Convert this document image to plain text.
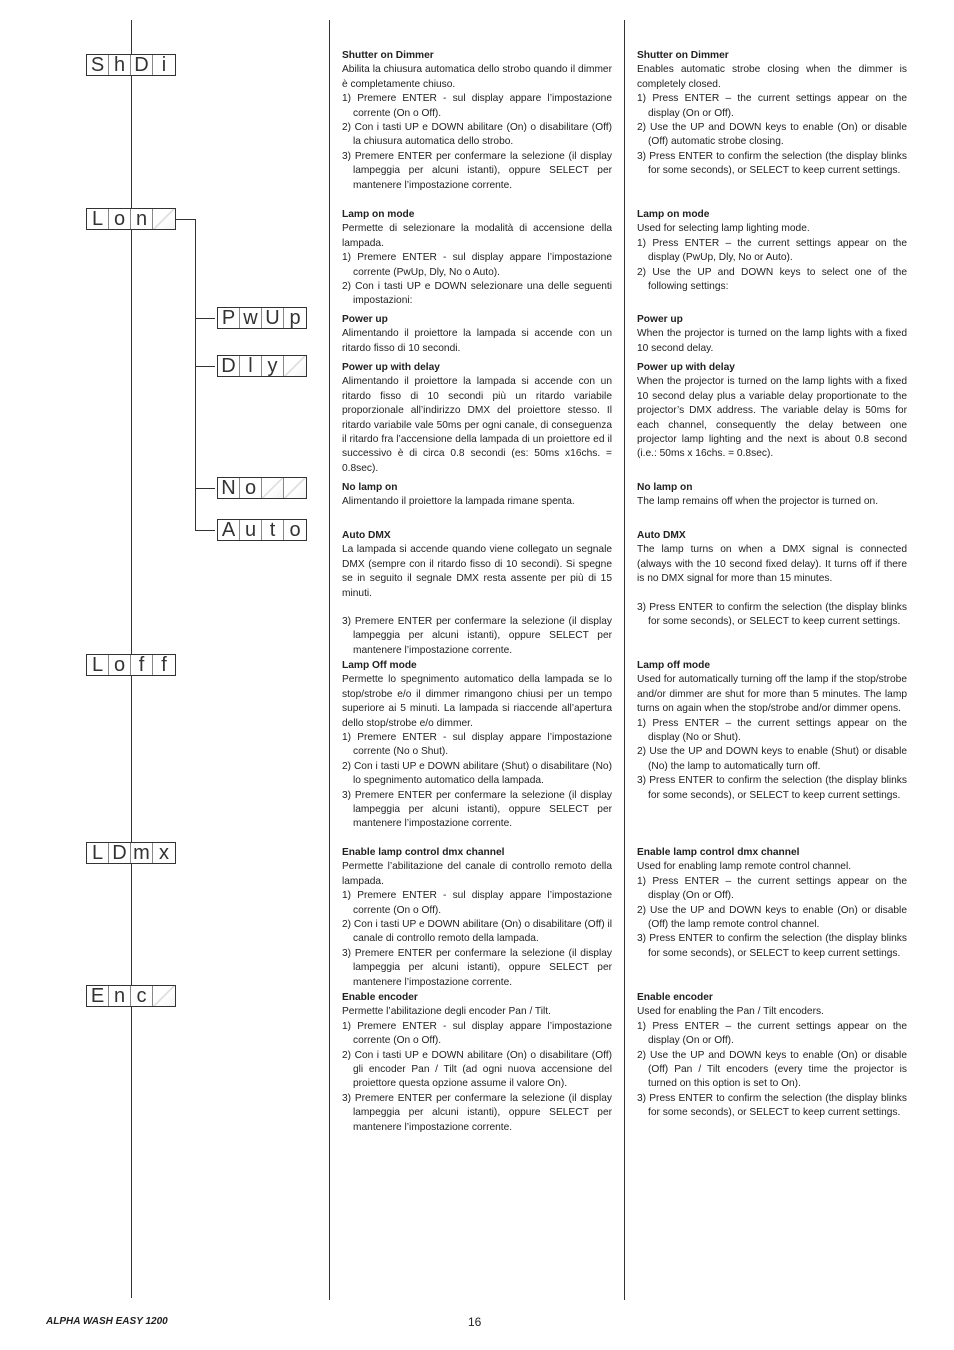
S h D i
L o n
P w U p
D l y
N o
A u t o
L o f f
L D m x
E n c
Shutter on Dimmer

Abilita la chiusura automatica dello strobo quando il dimmer è completamente chiuso.

1) Premere ENTER - sul display appare l’impostazione corrente (On o Off).
2) Con i tasti UP e DOWN abilitare (On) o disabilitare (Off) la chiusura automatica dello strobo.
3) Premere ENTER per confermare la selezione (il display lampeggia per alcuni istanti), oppure SELECT per mantenere l’impostazione corrente.
Lamp on mode

Permette di selezionare la modalità di accensione della lampada.

1) Premere ENTER - sul display appare l’impostazione corrente (PwUp, Dly, No o Auto).
2) Con i tasti UP e DOWN selezionare una delle seguenti impostazioni:
Power up

Alimentando il proiettore la lampada si accende con un ritardo fisso di 10 secondi.

Power up with delay

Alimentando il proiettore la lampada si accende con un ritardo fisso di 10 secondi più un ritardo variabile proporzionale all’indirizzo DMX del proiettore stesso. Il ritardo variabile vale 50ms per ogni canale, di conseguenza il ritardo fra l’accensione della lampada di un proiettore ed il successivo è di circa 0.8 secondi (es: 50ms x16chs. = 0.8sec).

No lamp on

Alimentando il proiettore la lampada rimane spenta.

Auto DMX

La lampada si accende quando viene collegato un segnale DMX (sempre con il ritardo fisso di 10 secondi). Si spegne se in seguito il segnale DMX resta assente per più di 15 minuti.

3) Premere ENTER per confermare la selezione (il display lampeggia per alcuni istanti), oppure SELECT per mantenere l’impostazione corrente.
Lamp Off mode

Permette lo spegnimento automatico della lampada se lo stop/strobe e/o il dimmer rimangono chiusi per un tempo superiore ai 5 minuti. La lampada si riaccende all’apertura dello stop/strobe e/o dimmer.

1) Premere ENTER - sul display appare l’impostazione corrente (No o Shut).
2) Con i tasti UP e DOWN abilitare (Shut) o disabilitare (No) lo spegnimento automatico della lampada.
3) Premere ENTER per confermare la selezione (il display lampeggia per alcuni istanti), oppure SELECT per mantenere l’impostazione corrente.
Enable lamp control dmx channel

Permette l’abilitazione del canale di controllo remoto della lampada.

1) Premere ENTER - sul display appare l’impostazione corrente (On o Off).
2) Con i tasti UP e DOWN abilitare (On) o disabilitare (Off) il canale di controllo remoto della lampada.
3) Premere ENTER per confermare la selezione (il display lampeggia per alcuni istanti), oppure SELECT per mantenere l’impostazione corrente.
Enable encoder

Permette l’abilitazione degli encoder Pan / Tilt.

1) Premere ENTER - sul display appare l’impostazione corrente (On o Off).
2) Con i tasti UP e DOWN abilitare (On) o disabilitare (Off) gli encoder Pan / Tilt (ad ogni nuova accensione del proiettore questa opzione assume il valore On).
3) Premere ENTER per confermare la selezione (il display lampeggia per alcuni istanti), oppure SELECT per mantenere l’impostazione corrente.
Shutter on Dimmer

Enables automatic strobe closing when the dimmer is completely closed.

1) Press ENTER – the current settings appear on the display (On or Off).
2) Use the UP and DOWN keys to enable (On) or disable (Off) automatic strobe closing.
3) Press ENTER to confirm the selection (the display blinks for some seconds), or SELECT to keep current settings.
Lamp on mode

Used for selecting lamp lighting mode.

1) Press ENTER – the current settings appear on the display (PwUp, Dly, No or Auto).
2) Use the UP and DOWN keys to select one of the following settings:
Power up

When the projector is turned on the lamp lights with a fixed 10 second delay.

Power up with delay

When the projector is turned on the lamp lights with a fixed 10 second delay plus a variable delay proportionate to the projector’s DMX address. The variable delay is 50ms for each channel, consequently the delay between one projector lamp lighting and the next is about 0.8 second (i.e.: 50ms x 16chs. = 0.8sec).

No lamp on

The lamp remains off when the projector is turned on.

Auto DMX

The lamp turns on when a DMX signal is connected (always with the 10 second fixed delay). It turns off if there is no DMX signal for more than 15 minutes.

3) Press ENTER to confirm the selection (the display blinks for some seconds), or SELECT to keep current settings.
Lamp off mode

Used for automatically turning off the lamp if the stop/strobe and/or dimmer are shut for more than 5 minutes. The lamp turns on again when the stop/strobe and/or dimmer opens.

1) Press ENTER – the current settings appear on the display (No or Shut).
2) Use the UP and DOWN keys to enable (Shut) or disable (No) the lamp to automatically turn off.
3) Press ENTER to confirm the selection (the display blinks for some seconds), or SELECT to keep current settings.
Enable lamp control dmx channel

Used for enabling lamp remote control channel.

1) Press ENTER – the current settings appear on the display (On or Off).
2) Use the UP and DOWN keys to enable (On) or disable (Off) the lamp remote control channel.
3) Press ENTER to confirm the selection (the display blinks for some seconds), or SELECT to keep current settings.
Enable encoder

Used for enabling the Pan / Tilt encoders.

1) Press ENTER – the current settings appear on the display (On or Off).
2) Use the UP and DOWN keys to enable (On) or disable (Off) Pan / Tilt encoders (every time the projector is turned on this option is set to On).
3) Press ENTER to confirm the selection (the display blinks for some seconds), or SELECT to keep current settings.
ALPHA WASH EASY 1200	16
